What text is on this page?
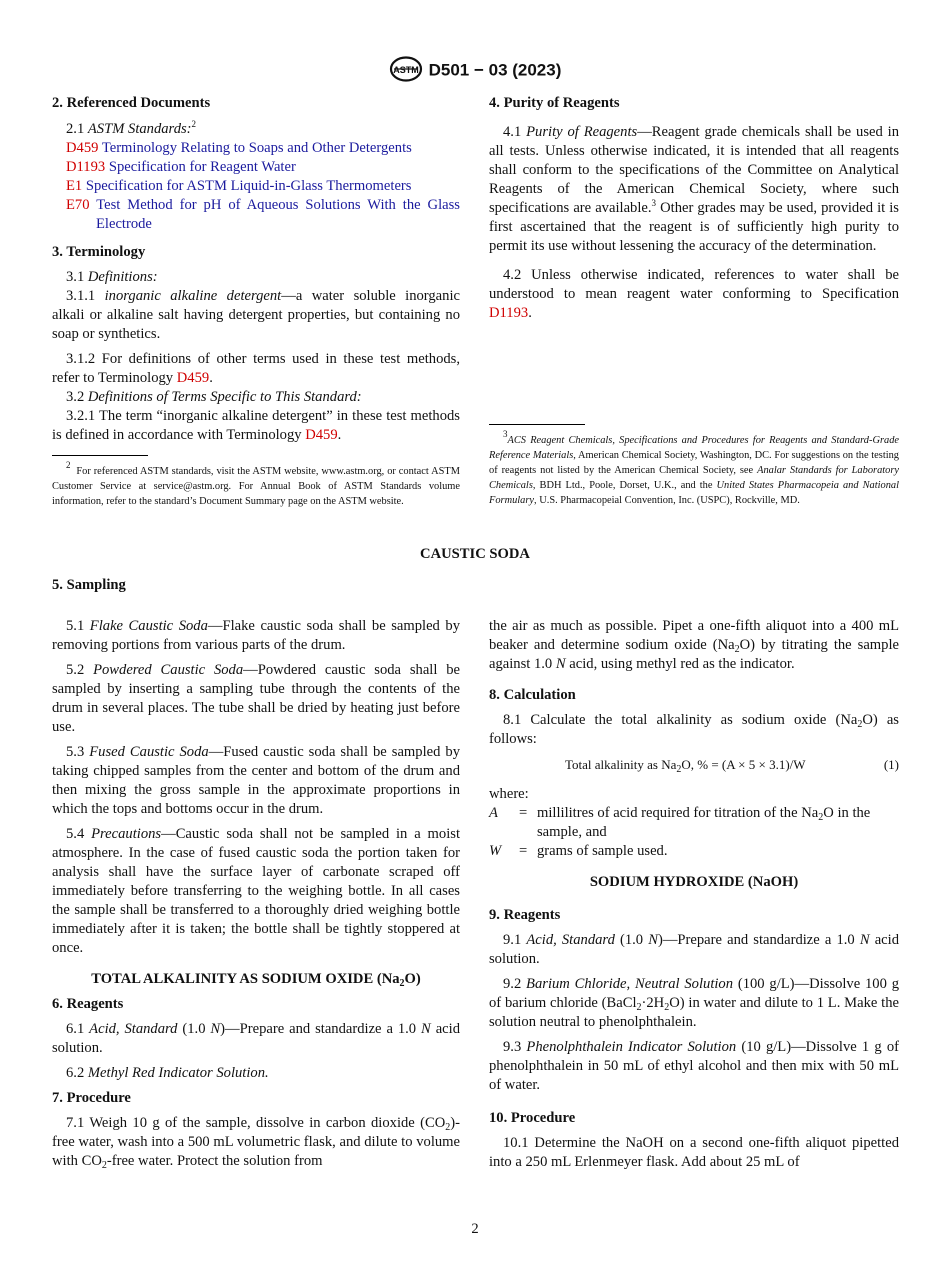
ASTM D501 − 03 (2023)

2. Referenced Documents

2.1 ASTM Standards:$^2$

D459 Terminology Relating to Soaps and Other Detergents

D1193 Specification for Reagent Water

E1 Specification for ASTM Liquid-in-Glass Thermometers

E70 Test Method for pH of Aqueous Solutions With the Glass Electrode

3. Terminology

3.1 Definitions:

3.1.1 inorganic alkaline detergent—a water soluble inorganic alkali or alkaline salt having detergent properties, but containing no soap or synthetics.

3.1.2 For definitions of other terms used in these test methods, refer to Terminology D459.

3.2 Definitions of Terms Specific to This Standard:

3.2.1 The term “inorganic alkaline detergent” in these test methods is defined in accordance with Terminology D459.

$^2$  For referenced ASTM standards, visit the ASTM website, www.astm.org, or contact ASTM Customer Service at service@astm.org. For Annual Book of ASTM Standards volume information, refer to the standard’s Document Summary page on the ASTM website.

4. Purity of Reagents

4.1 Purity of Reagents—Reagent grade chemicals shall be used in all tests. Unless otherwise indicated, it is intended that all reagents shall conform to the specifications of the Committee on Analytical Reagents of the American Chemical Society, where such specifications are available.$^3$ Other grades may be used, provided it is first ascertained that the reagent is of sufficiently high purity to permit its use without lessening the accuracy of the determination.

4.2 Unless otherwise indicated, references to water shall be understood to mean reagent water conforming to Specification D1193.

$^3$ACS Reagent Chemicals, Specifications and Procedures for Reagents and Standard-Grade Reference Materials, American Chemical Society, Washington, DC. For suggestions on the testing of reagents not listed by the American Chemical Society, see Analar Standards for Laboratory Chemicals, BDH Ltd., Poole, Dorset, U.K., and the United States Pharmacopeia and National Formulary, U.S. Pharmacopeial Convention, Inc. (USPC), Rockville, MD.

CAUSTIC SODA
5. Sampling

5.1 Flake Caustic Soda—Flake caustic soda shall be sampled by removing portions from various parts of the drum.

5.2 Powdered Caustic Soda—Powdered caustic soda shall be sampled by inserting a sampling tube through the contents of the drum in several places. The tube shall be dried by heating just before use.

5.3 Fused Caustic Soda—Fused caustic soda shall be sampled by taking chipped samples from the center and bottom of the drum and then mixing the gross sample in the approximate proportions in which the tops and bottoms occur in the drum.

5.4 Precautions—Caustic soda shall not be sampled in a moist atmosphere. In the case of fused caustic soda the portion taken for analysis shall have the surface layer of carbonate scraped off immediately before transferring to the weighing bottle. In all cases the sample shall be transferred to a thoroughly dried weighing bottle immediately after it is taken; the bottle shall be tightly stoppered at once.

TOTAL ALKALINITY AS SODIUM OXIDE $(Na_2O)$

6. Reagents

6.1 Acid, Standard (1.0 N)—Prepare and standardize a 1.0 N acid solution.

6.2 Methyl Red Indicator Solution.

7. Procedure

7.1 Weigh 10 g of the sample, dissolve in carbon dioxide $(CO_2)$-free water, wash into a 500 mL volumetric flask, and dilute to volume with $CO_2$-free water. Protect the solution from

the air as much as possible. Pipet a one-fifth aliquot into a 400 mL beaker and determine sodium oxide $(Na_2O)$ by titrating the sample against 1.0 N acid, using methyl red as the indicator.

8. Calculation

8.1 Calculate the total alkalinity as sodium oxide $(Na_2O)$ as follows:

Total alkalinity as $Na_2O$, % = (A × 5 × 3.1)/W	(1)

where:

A	= millilitres of acid required for titration of the $Na_2O$ in the sample, and
W	= grams of sample used.

SODIUM HYDROXIDE (NaOH)

9. Reagents

9.1 Acid, Standard (1.0 N)—Prepare and standardize a 1.0 N acid solution.

9.2 Barium Chloride, Neutral Solution (100 g/L)—Dissolve 100 g of barium chloride $(BaCl_2\cdot 2H_2O)$ in water and dilute to 1 L. Make the solution neutral to phenolphthalein.

9.3 Phenolphthalein Indicator Solution (10 g/L)—Dissolve 1 g of phenolphthalein in 50 mL of ethyl alcohol and then mix with 50 mL of water.

10. Procedure

10.1 Determine the NaOH on a second one-fifth aliquot pipetted into a 250 mL Erlenmeyer flask. Add about 25 mL of

2
